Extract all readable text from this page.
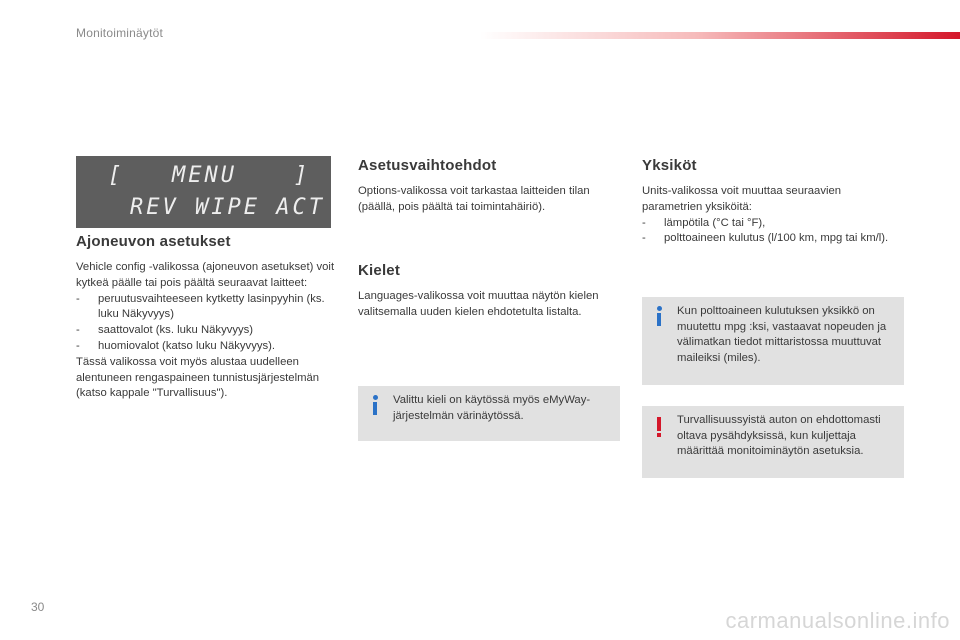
Monitoiminäytöt
[ MENU	]
REV WIPE ACT
Ajoneuvon asetukset

Vehicle config -valikossa (ajoneuvon asetukset) voit kytkeä päälle tai pois päältä seuraavat laitteet:

- peruutusvaihteeseen kytketty lasinpyyhin (ks. luku Näkyvyys)
- saattovalot (ks. luku Näkyvyys)
- huomiovalot (katso luku Näkyvyys).

Tässä valikossa voit myös alustaa uudelleen alentuneen rengaspaineen tunnistusjärjestelmän (katso kappale "Turvallisuus").

Asetusvaihtoehdot

Options-valikossa voit tarkastaa laitteiden tilan (päällä, pois päältä tai toimintahäiriö).

Kielet

Languages-valikossa voit muuttaa näytön kielen valitsemalla uuden kielen ehdotetulta listalta.

Valittu kieli on käytössä myös eMyWay-järjestelmän värinäytössä.
Yksiköt

Units-valikossa voit muuttaa seuraavien parametrien yksiköitä:

- lämpötila (°C tai °F),
- polttoaineen kulutus (l/100 km, mpg tai km/l).
Kun polttoaineen kulutuksen yksikkö on muutettu mpg :ksi, vastaavat nopeuden ja välimatkan tiedot mittaristossa muuttuvat maileiksi (miles).
Turvallisuussyistä auton on ehdottomasti oltava pysähdyksissä, kun kuljettaja määrittää monitoiminäytön asetuksia.
30
carmanualsonline.info
